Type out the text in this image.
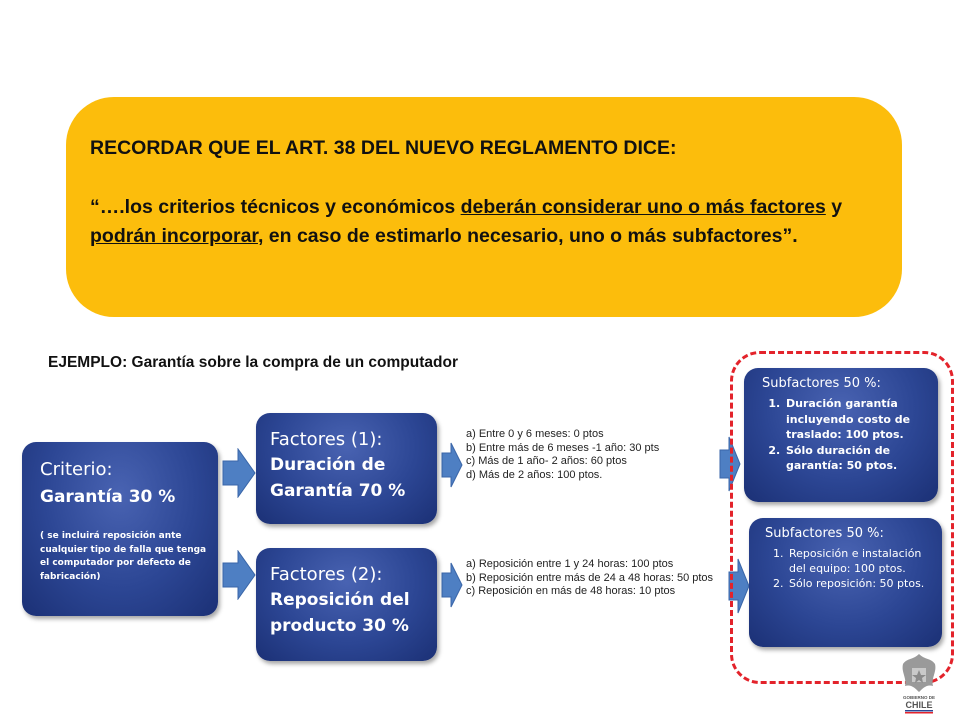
RECORDAR QUE EL ART. 38 DEL NUEVO REGLAMENTO DICE:
“….los criterios técnicos y económicos deberán considerar uno o más factores y podrán incorporar, en caso de estimarlo necesario, uno o más subfactores”.
EJEMPLO: Garantía sobre la compra de un computador
Criterio:
Garantía 30 %
( se incluirá reposición ante cualquier tipo de falla que tenga el computador por defecto de fabricación)
Factores (1):
Duración de Garantía 70 %
Factores (2):
Reposición del producto 30 %
a) Entre 0 y 6 meses: 0 ptos
b) Entre más de 6 meses -1 año: 30 pts
c) Más de 1 año- 2 años: 60 ptos
d) Más de 2 años: 100 ptos.
a) Reposición entre 1 y 24 horas: 100 ptos
b) Reposición entre más de 24 a 48 horas: 50 ptos
c) Reposición en más de 48 horas: 10 ptos
Subfactores 50 %:
1. Duración garantía incluyendo costo de traslado: 100 ptos.
2. Sólo duración de garantía: 50 ptos.
Subfactores 50 %:
1. Reposición e instalación del equipo: 100 ptos.
2. Sólo reposición: 50 ptos.
GOBIERNO DE
CHILE
